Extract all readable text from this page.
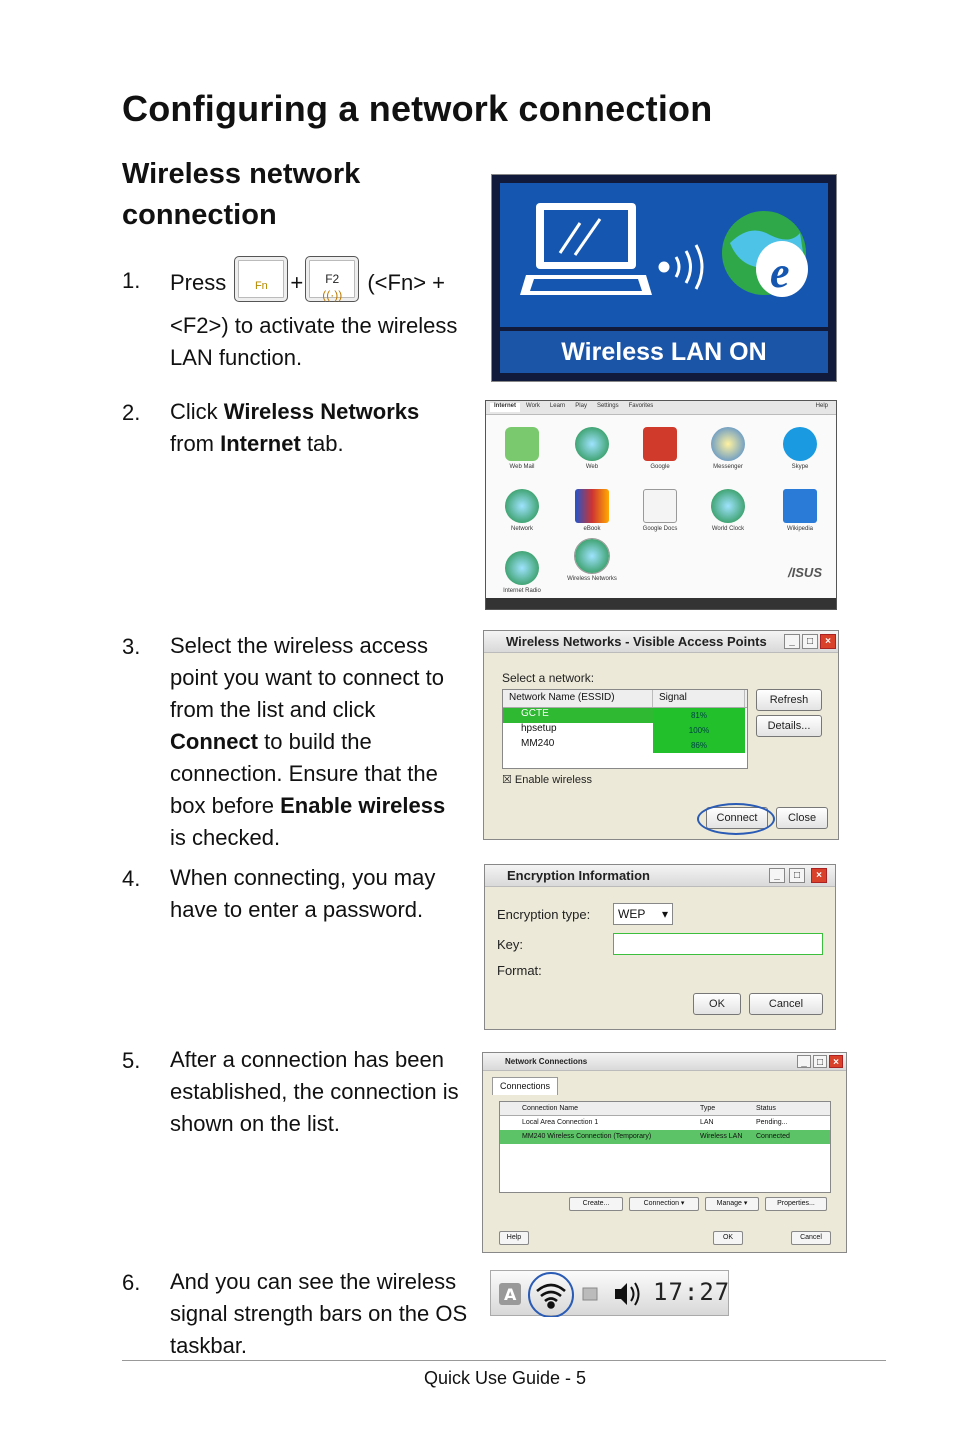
Configuring a network connection
Wireless network connection
1. Press	Fn	+	F2
((·))
(<Fn> +
<F2>) to activate the wireless LAN function.
e
Wireless LAN ON
2. Click Wireless Networks
from Internet tab.
Internet	Work	Learn	Play	Settings	Favorites	Help
Web Mail	Web	Google	Messenger	Skype
Network	eBook	Google Docs	World Clock	Wikipedia
Internet Radio
Wireless Networks	/ISUS
3. Select the wireless access point you want to connect to from the list and click
Connect to build the connection. Ensure that the box before Enable wireless is checked.
Wireless Networks - Visible Access Points	_	□	×
Select a network:
Network Name (ESSID)	Signal
GCTE	81%
hpsetup	100%
MM240	86%
☒ Enable wireless
Refresh
Details...
Connect	Close
4. When connecting, you may have to enter a password.
Encryption Information	_	□	×
Encryption type:	WEP ▾
Key:
Format:
OK	Cancel
5. After a connection has been established, the connection is shown on the list.
Network Connections	_	□	×
Connections
Connection Name	Type	Status
Local Area Connection 1	LAN	Pending...
MM240 Wireless Connection (Temporary)	Wireless LAN	Connected
Create...	Connection ▾	Manage ▾	Properties...
Help	OK	Cancel
6. And you can see the wireless signal strength bars on the OS taskbar.
A	17:27
Quick Use Guide - 5
